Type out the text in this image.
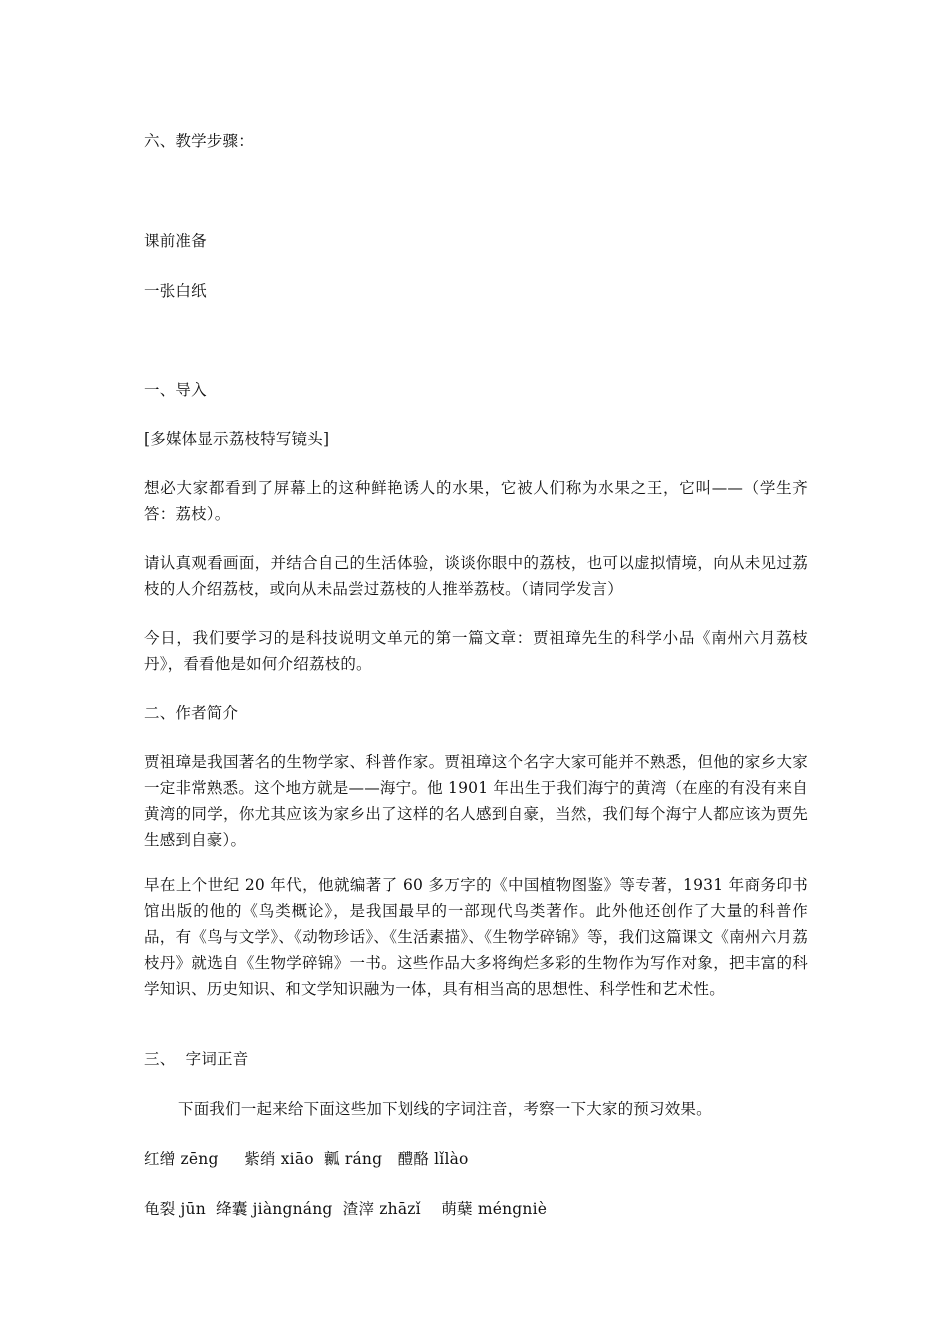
六、教学步骤：

课前准备

一张白纸

一、导入

[多媒体显示荔枝特写镜头]

想必大家都看到了屏幕上的这种鲜艳诱人的水果，它被人们称为水果之王，它叫——（学生齐答：荔枝）。

请认真观看画面，并结合自己的生活体验，谈谈你眼中的荔枝，也可以虚拟情境，向从未见过荔枝的人介绍荔枝，或向从未品尝过荔枝的人推举荔枝。（请同学发言）

今日，我们要学习的是科技说明文单元的第一篇文章：贾祖璋先生的科学小品《南州六月荔枝丹》，看看他是如何介绍荔枝的。

二、作者简介

贾祖璋是我国著名的生物学家、科普作家。贾祖璋这个名字大家可能并不熟悉，但他的家乡大家一定非常熟悉。这个地方就是——海宁。他 1901 年出生于我们海宁的黄湾（在座的有没有来自黄湾的同学，你尤其应该为家乡出了这样的名人感到自豪，当然，我们每个海宁人都应该为贾先生感到自豪）。

早在上个世纪 20 年代，他就编著了 60 多万字的《中国植物图鉴》等专著，1931 年商务印书馆出版的他的《鸟类概论》，是我国最早的一部现代鸟类著作。此外他还创作了大量的科普作品，有《鸟与文学》、《动物珍话》、《生活素描》、《生物学碎锦》等，我们这篇课文《南州六月荔枝丹》就选自《生物学碎锦》一书。这些作品大多将绚烂多彩的生物作为写作对象，把丰富的科学知识、历史知识、和文学知识融为一体，具有相当高的思想性、科学性和艺术性。

三、  字词正音

下面我们一起来给下面这些加下划线的字词注音，考察一下大家的预习效果。

红缯 zēng     紫绡 xiāo  瓤 ráng   醴酪 lǐlào

龟裂 jūn  绛囊 jiàngnáng  渣滓 zhāzǐ    萌蘖 méngniè
